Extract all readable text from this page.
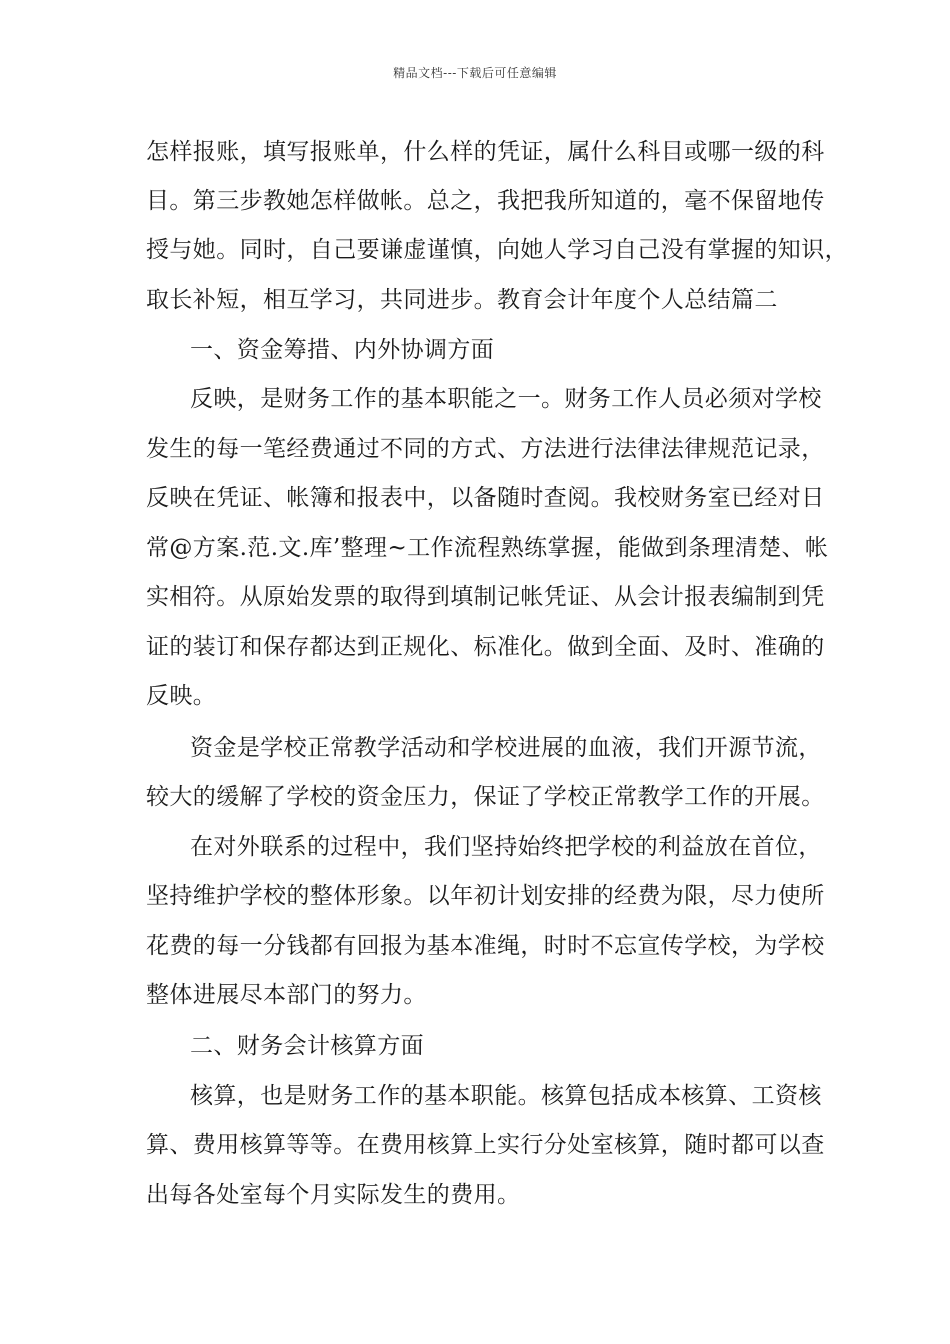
精品文档---下载后可任意编辑
怎样报账，填写报账单，什么样的凭证，属什么科目或哪一级的科
目。第三步教她怎样做帐。总之，我把我所知道的，毫不保留地传
授与她。同时，自己要谦虚谨慎，向她人学习自己没有掌握的知识，
取长补短，相互学习，共同进步。教育会计年度个人总结篇二
一、资金筹措、内外协调方面
反映，是财务工作的基本职能之一。财务工作人员必须对学校
发生的每一笔经费通过不同的方式、方法进行法律法律规范记录，
反映在凭证、帐簿和报表中，以备随时查阅。我校财务室已经对日
常@方案.范.文.库’整理~工作流程熟练掌握，能做到条理清楚、帐
实相符。从原始发票的取得到填制记帐凭证、从会计报表编制到凭
证的装订和保存都达到正规化、标准化。做到全面、及时、准确的
反映。
资金是学校正常教学活动和学校进展的血液，我们开源节流，
较大的缓解了学校的资金压力，保证了学校正常教学工作的开展。
在对外联系的过程中，我们坚持始终把学校的利益放在首位，
坚持维护学校的整体形象。以年初计划安排的经费为限，尽力使所
花费的每一分钱都有回报为基本准绳，时时不忘宣传学校，为学校
整体进展尽本部门的努力。
二、财务会计核算方面
核算，也是财务工作的基本职能。核算包括成本核算、工资核
算、费用核算等等。在费用核算上实行分处室核算，随时都可以查
出每各处室每个月实际发生的费用。
